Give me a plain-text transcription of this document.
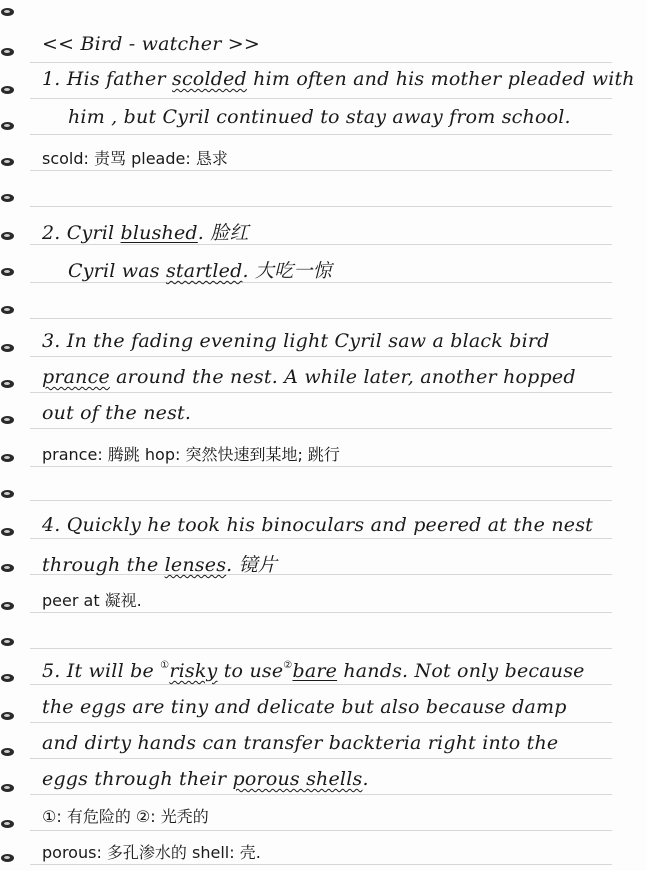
<< Bird - watcher >>
1. His father scolded him often and his mother pleaded with
him , but Cyril continued to stay away from school.
scold: 责骂 pleade: 恳求
2. Cyril blushed. 脸红
Cyril was startled. 大吃一惊
3. In the fading evening light Cyril saw a black bird
prance around the nest. A while later, another hopped
out of the nest.
prance: 腾跳 hop: 突然快速到某地; 跳行
4. Quickly he took his binoculars and peered at the nest
through the lenses. 镜片
peer at 凝视.
5. It will be ①risky to use②bare hands. Not only because
the eggs are tiny and delicate but also because damp
and dirty hands can transfer backteria right into the
eggs through their porous shells.
①: 有危险的 ②: 光秃的
porous: 多孔渗水的 shell: 壳.
